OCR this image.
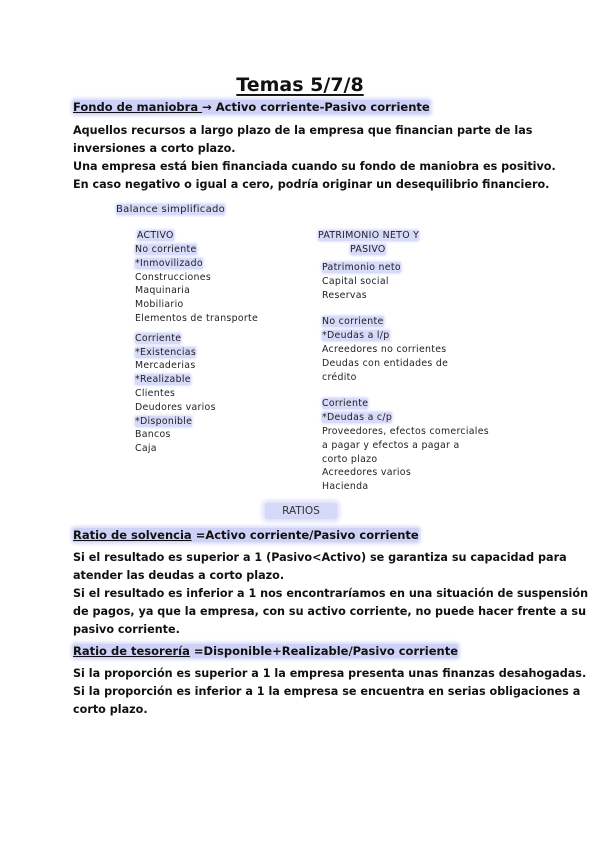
Temas 5/7/8
Fondo de maniobra → Activo corriente-Pasivo corriente
Aquellos recursos a largo plazo de la empresa que financian parte de las
inversiones a corto plazo.
Una empresa está bien financiada cuando su fondo de maniobra es positivo.
En caso negativo o igual a cero, podría originar un desequilibrio financiero.
Balance simplificado
ACTIVO
No corriente
*Inmovilizado
Construcciones
Maquinaria
Mobiliario
Elementos de transporte
Corriente
*Existencias
Mercaderias
*Realizable
Clientes
Deudores varios
*Disponible
Bancos
Caja
PATRIMONIO NETO Y
PASIVO
Patrimonio neto
Capital social
Reservas
No corriente
*Deudas a l/p
Acreedores no corrientes
Deudas con entidades de
crédito
Corriente
*Deudas a c/p
Proveedores, efectos comerciales
a pagar y efectos a pagar a
corto plazo
Acreedores varios
Hacienda
RATIOS
Ratio de solvencia =Activo corriente/Pasivo corriente
Si el resultado es superior a 1 (Pasivo<Activo) se garantiza su capacidad para
atender las deudas a corto plazo.
Si el resultado es inferior a 1 nos encontraríamos en una situación de suspensión
de pagos, ya que la empresa, con su activo corriente, no puede hacer frente a su
pasivo corriente.
Ratio de tesorería =Disponible+Realizable/Pasivo corriente
Si la proporción es superior a 1 la empresa presenta unas finanzas desahogadas.
Si la proporción es inferior a 1 la empresa se encuentra en serias obligaciones a
corto plazo.
